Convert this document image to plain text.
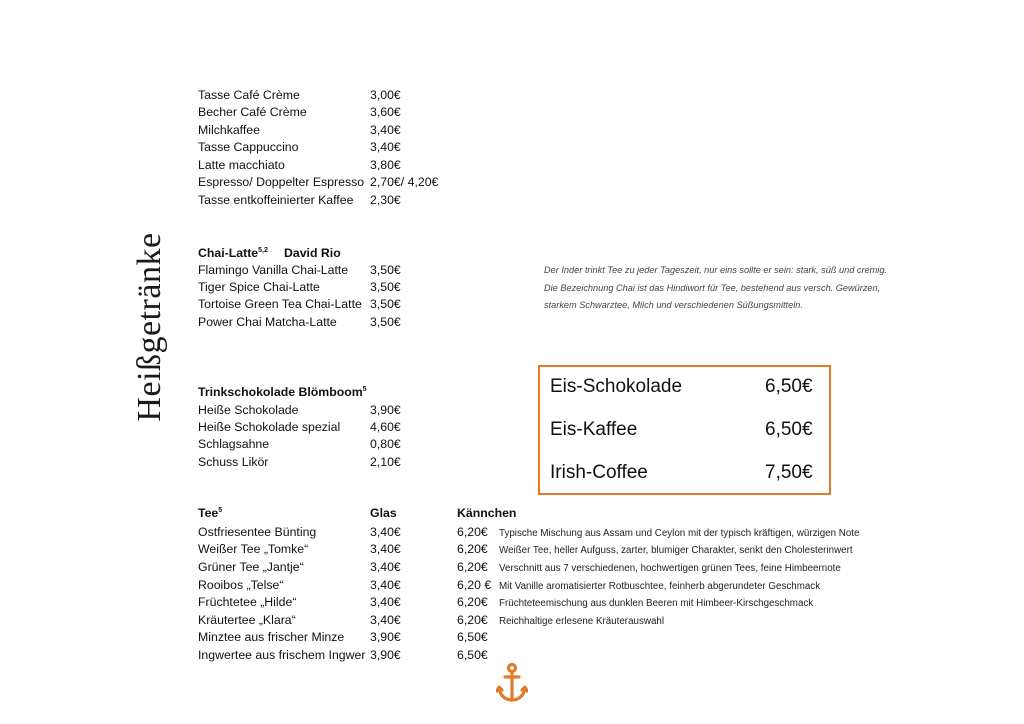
Heißgetränke
Tasse Café Crème	3,00€
Becher Café Crème	3,60€
Milchkaffee	3,40€
Tasse Cappuccino	3,40€
Latte macchiato	3,80€
Espresso/ Doppelter Espresso 2,70€/ 4,20€
Tasse entkoffeinierter Kaffee 2,30€
Chai-Latte$^{5,2}$ David Rio
Flamingo Vanilla Chai-Latte 3,50€
Tiger Spice Chai-Latte	3,50€
Tortoise Green Tea Chai-Latte 3,50€
Power Chai Matcha-Latte	3,50€
Der Inder trinkt Tee zu jeder Tageszeit, nur eins sollte er sein: stark, süß und cremig.
Die Bezeichnung Chai ist das Hindiwort für Tee, bestehend aus versch. Gewürzen,
starkem Schwarztee, Milch und verschiedenen Süßungsmitteln.
Trinkschokolade Blömboom$^5$
Heiße Schokolade	3,90€
Heiße Schokolade spezial 4,60€
Schlagsahne	0,80€
Schuss Likör	2,10€
Eis-Schokolade	6,50€
Eis-Kaffee	6,50€
Irish-Coffee	7,50€
Tee$^5$	Glas	Kännchen
Ostfriesentee Bünting	3,40€	6,20€ Typische Mischung aus Assam und Ceylon mit der typisch kräftigen, würzigen Note
Weißer Tee „Tomke“	3,40€	6,20€ Weißer Tee, heller Aufguss, zarter, blumiger Charakter, senkt den Cholesterinwert
Grüner Tee „Jantje“	3,40€	6,20€ Verschnitt aus 7 verschiedenen, hochwertigen grünen Tees, feine Himbeernote
Rooibos „Telse“	3,40€	6,20 € Mit Vanille aromatisierter Rotbuschtee, feinherb abgerundeter Geschmack
Früchtetee „Hilde“	3,40€	6,20€ Früchteteemischung aus dunklen Beeren mit Himbeer-Kirschgeschmack
Kräutertee „Klara“	3,40€	6,20€ Reichhaltige erlesene Kräuterauswahl
Minztee aus frischer Minze 3,90€	6,50€
Ingwertee aus frischem Ingwer 3,90€	6,50€
